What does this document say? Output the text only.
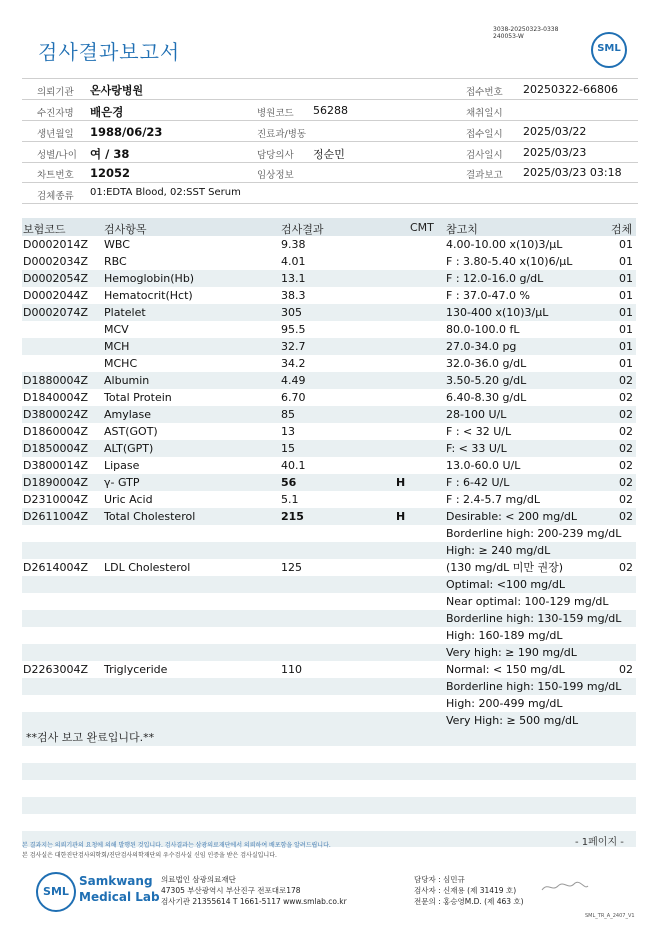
검사결과보고서
3038-20250323-0338
240053-W
SML
의뢰기관 온사랑병원	접수번호 20250322-66806
수진자명 배은경	병원코드 56288	채취일시
생년월일 1988/06/23	진료과/병동	접수일시 2025/03/22
성별/나이 여 / 38	담당의사 정순민	검사일시 2025/03/23
차트번호 12052	임상정보	결과보고 2025/03/23 03:18
검체종류 01:EDTA Blood, 02:SST Serum
보험코드	검사항목	검사결과	CMT 참고치	검체
D0002014Z WBC	9.38	4.00-10.00 x(10)3/μL	01
D0002034Z RBC	4.01	F : 3.80-5.40 x(10)6/μL	01
D0002054Z Hemoglobin(Hb)	13.1	F : 12.0-16.0 g/dL	01
D0002044Z Hematocrit(Hct)	38.3	F : 37.0-47.0 %	01
D0002074Z Platelet	305	130-400 x(10)3/μL	01
MCV	95.5	80.0-100.0 fL	01
MCH	32.7	27.0-34.0 pg	01
MCHC	34.2	32.0-36.0 g/dL	01
D1880004Z Albumin	4.49	3.50-5.20 g/dL	02
D1840004Z Total Protein	6.70	6.40-8.30 g/dL	02
D3800024Z Amylase	85	28-100 U/L	02
D1860004Z AST(GOT)	13	F : < 32 U/L	02
D1850004Z ALT(GPT)	15	F: < 33 U/L	02
D3800014Z Lipase	40.1	13.0-60.0 U/L	02
D1890004Z γ- GTP	56	H	F : 6-42 U/L	02
D2310004Z Uric Acid	5.1	F : 2.4-5.7 mg/dL	02
D2611004Z Total Cholesterol	215	H	Desirable: < 200 mg/dL	02
Borderline high: 200-239 mg/dL
High: ≥ 240 mg/dL
D2614004Z LDL Cholesterol	125	(130 mg/dL 미만 권장)	02
Optimal: <100 mg/dL
Near optimal: 100-129 mg/dL
Borderline high: 130-159 mg/dL
High: 160-189 mg/dL
Very high: ≥ 190 mg/dL
D2263004Z Triglyceride	110	Normal: < 150 mg/dL	02
Borderline high: 150-199 mg/dL
High: 200-499 mg/dL
Very High: ≥ 500 mg/dL
**검사 보고 완료입니다.**
- 1페이지 -
본 결과지는 의뢰기관의 요청에 의해 발행된 것입니다. 검사결과는 삼광의료재단에서 의뢰하여 배포함을 알려드립니다.
본 검사실은 대한진단검사의학회/진단검사의학재단의 우수검사실 신임 인증을 받은 검사실입니다.
SML
Samkwang
Medical Lab
의료법인 삼광의료재단
47305 부산광역시 부산진구 전포대로178
검사기관 21355614 T 1661-5117 www.smlab.co.kr
담당자 : 심민규
검사자 : 신재용 (제 31419 호)
전문의 : 홍승영M.D. (제 463 호)
SML_TR_A_2407_V1
